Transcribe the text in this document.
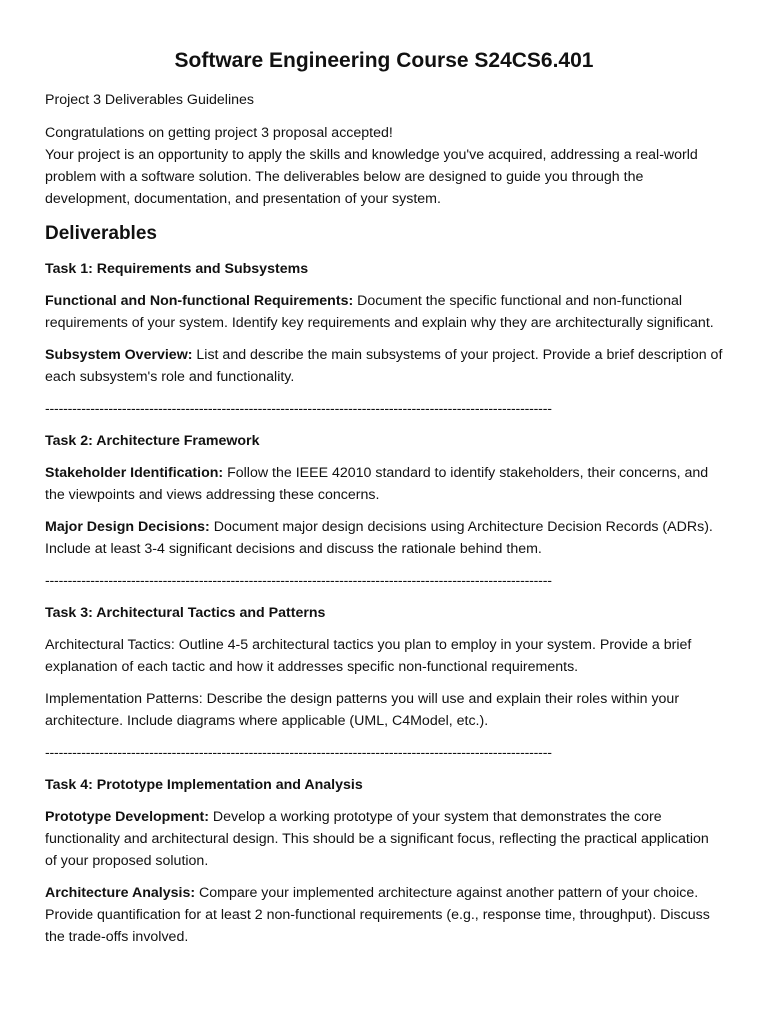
Software Engineering Course S24CS6.401
Project 3 Deliverables Guidelines
Congratulations on getting project 3 proposal accepted!
Your project is an opportunity to apply the skills and knowledge you've acquired, addressing a real-world problem with a software solution. The deliverables below are designed to guide you through the development, documentation, and presentation of your system.
Deliverables
Task 1: Requirements and Subsystems
Functional and Non-functional Requirements: Document the specific functional and non-functional requirements of your system. Identify key requirements and explain why they are architecturally significant.
Subsystem Overview: List and describe the main subsystems of your project. Provide a brief description of each subsystem's role and functionality.
----------------------------------------------------------------------------------------------------------------
Task 2: Architecture Framework
Stakeholder Identification: Follow the IEEE 42010 standard to identify stakeholders, their concerns, and the viewpoints and views addressing these concerns.
Major Design Decisions: Document major design decisions using Architecture Decision Records (ADRs). Include at least 3-4 significant decisions and discuss the rationale behind them.
----------------------------------------------------------------------------------------------------------------
Task 3: Architectural Tactics and Patterns
Architectural Tactics: Outline 4-5 architectural tactics you plan to employ in your system. Provide a brief explanation of each tactic and how it addresses specific non-functional requirements.
Implementation Patterns: Describe the design patterns you will use and explain their roles within your architecture. Include diagrams where applicable (UML, C4Model, etc.).
----------------------------------------------------------------------------------------------------------------
Task 4: Prototype Implementation and Analysis
Prototype Development: Develop a working prototype of your system that demonstrates the core functionality and architectural design. This should be a significant focus, reflecting the practical application of your proposed solution.
Architecture Analysis: Compare your implemented architecture against another pattern of your choice. Provide quantification for at least 2 non-functional requirements (e.g., response time, throughput). Discuss the trade-offs involved.
